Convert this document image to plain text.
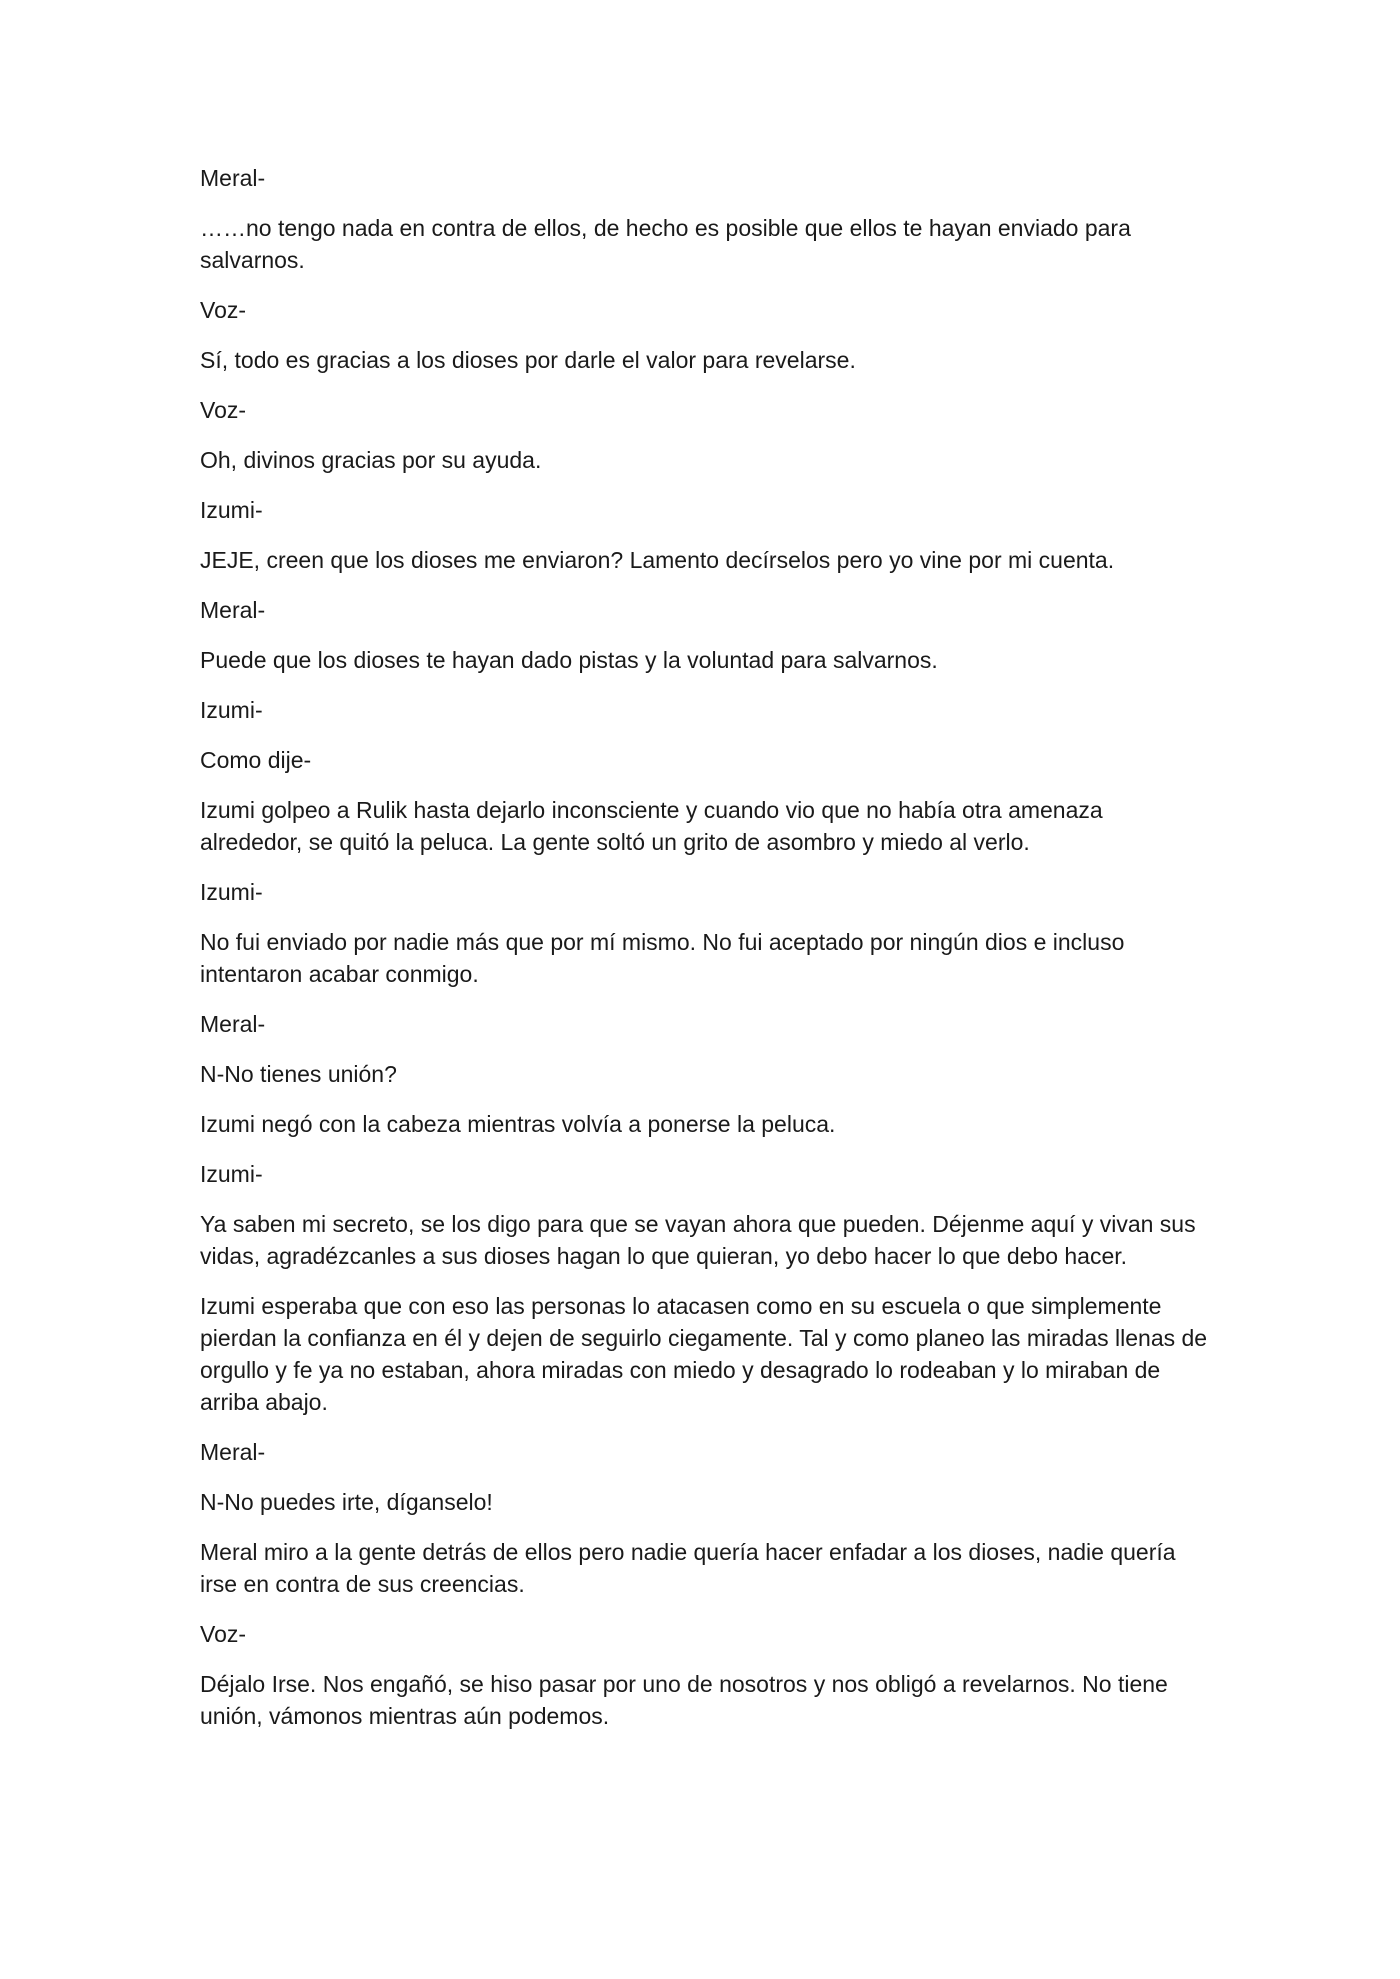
Meral-

……no tengo nada en contra de ellos, de hecho es posible que ellos te hayan enviado para salvarnos.

Voz-

Sí, todo es gracias a los dioses por darle el valor para revelarse.

Voz-

Oh, divinos gracias por su ayuda.

Izumi-

JEJE, creen que los dioses me enviaron? Lamento decírselos pero yo vine por mi cuenta.

Meral-

Puede que los dioses te hayan dado pistas y la voluntad para salvarnos.

Izumi-

Como dije-

Izumi golpeo a Rulik hasta dejarlo inconsciente y cuando vio que no había otra amenaza alrededor, se quitó la peluca. La gente soltó un grito de asombro y miedo al verlo.

Izumi-

No fui enviado por nadie más que por mí mismo. No fui aceptado por ningún dios e incluso intentaron acabar conmigo.

Meral-

N-No tienes unión?

Izumi negó con la cabeza mientras volvía a ponerse la peluca.

Izumi-

Ya saben mi secreto, se los digo para que se vayan ahora que pueden. Déjenme aquí y vivan sus vidas, agradézcanles a sus dioses hagan lo que quieran, yo debo hacer lo que debo hacer.

Izumi esperaba que con eso las personas lo atacasen como en su escuela o que simplemente pierdan la confianza en él y dejen de seguirlo ciegamente. Tal y como planeo las miradas llenas de orgullo y fe ya no estaban, ahora miradas con miedo y desagrado lo rodeaban y lo miraban de arriba abajo.

Meral-

N-No puedes irte, díganselo!

Meral miro a la gente detrás de ellos pero nadie quería hacer enfadar a los dioses, nadie quería irse en contra de sus creencias.

Voz-

Déjalo Irse. Nos engañó, se hiso pasar por uno de nosotros y nos obligó a revelarnos. No tiene unión, vámonos mientras aún podemos.
